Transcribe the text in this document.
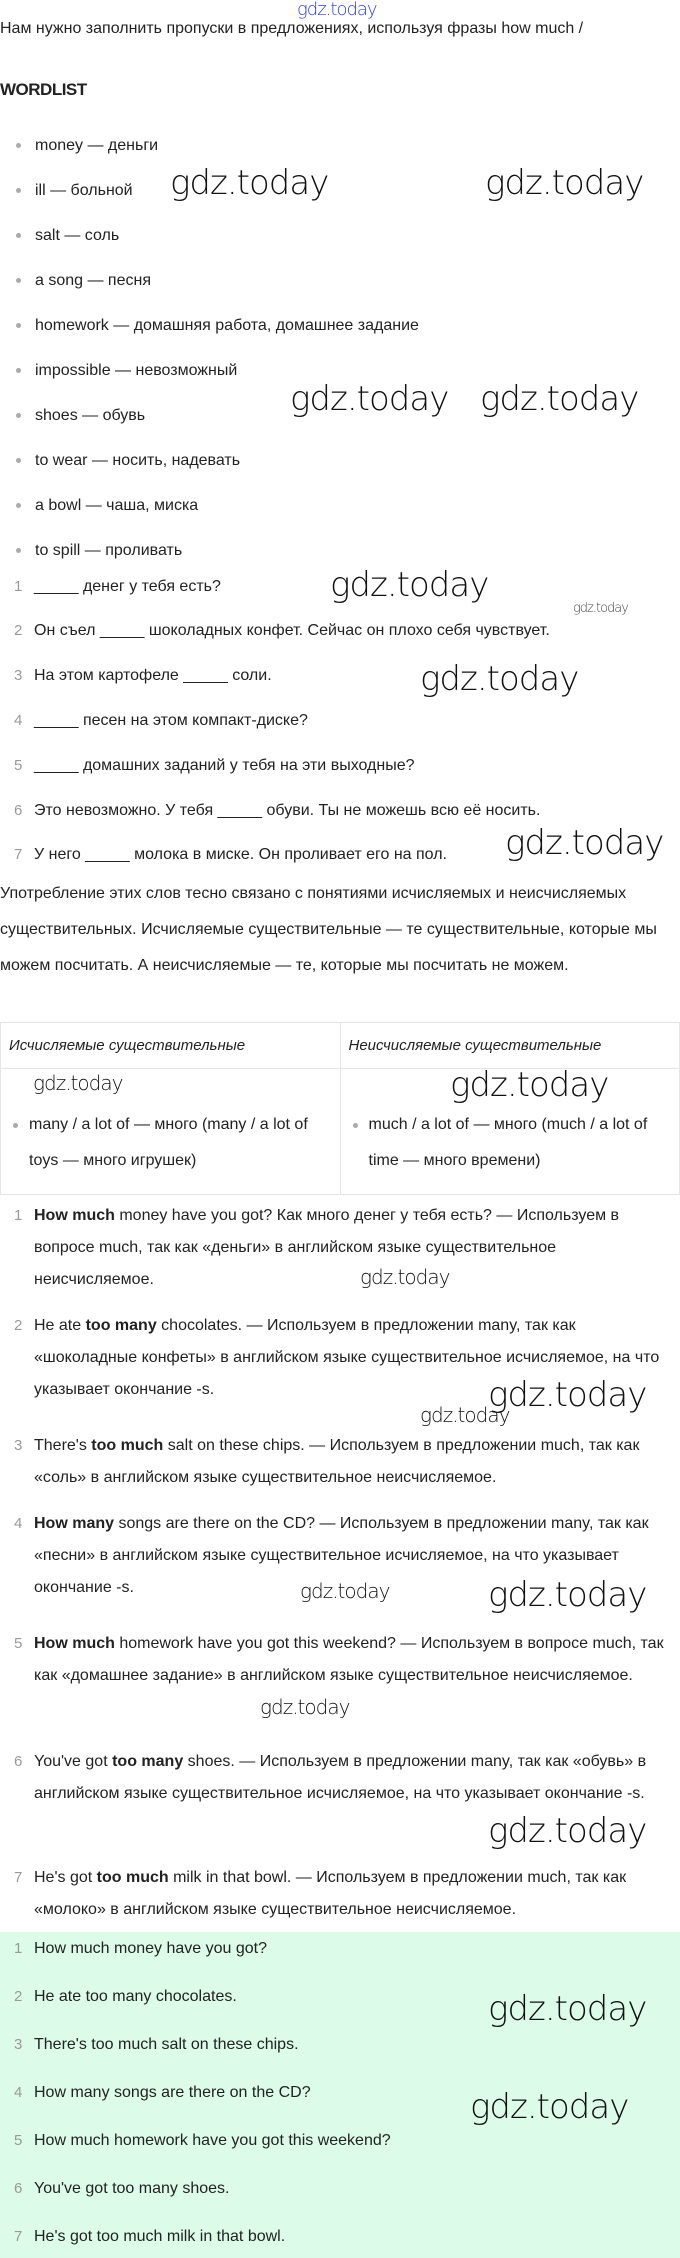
gdz.today
Нам нужно заполнить пропуски в предложениях, используя фразы how much /
WORDLIST
money — деньги
ill — больной
salt — соль
a song — песня
homework — домашняя работа, домашнее задание
impossible — невозможный
shoes — обувь
to wear — носить, надевать
a bowl — чаша, миска
to spill — проливать
1 _____ денег у тебя есть?
2 Он съел _____ шоколадных конфет. Сейчас он плохо себя чувствует.
3 На этом картофеле _____ соли.
4 _____ песен на этом компакт-диске?
5 _____ домашних заданий у тебя на эти выходные?
6 Это невозможно. У тебя _____ обуви. Ты не можешь всю её носить.
7 У него _____ молока в миске. Он проливает его на пол.
Употребление этих слов тесно связано с понятиями исчисляемых и неисчисляемых существительных. Исчисляемые существительные — те существительные, которые мы можем посчитать. А неисчисляемые — те, которые мы посчитать не можем.
Исчисляемые существительные	Неисчисляемые существительные

many / a lot of — много (many / a lot of toys — много игрушек)	much / a lot of — много (much / a lot of time — много времени)
1 How much money have you got? Как много денег у тебя есть? — Используем в вопросе much, так как «деньги» в английском языке существительное неисчисляемое.
2 He ate too many chocolates. — Используем в предложении many, так как «шоколадные конфеты» в английском языке существительное исчисляемое, на что указывает окончание -s.
3 There's too much salt on these chips. — Используем в предложении much, так как «соль» в английском языке существительное неисчисляемое.
4 How many songs are there on the CD? — Используем в предложении many, так как «песни» в английском языке существительное исчисляемое, на что указывает окончание -s.
5 How much homework have you got this weekend? — Используем в вопросе much, так как «домашнее задание» в английском языке существительное неисчисляемое.
6 You've got too many shoes. — Используем в предложении many, так как «обувь» в английском языке существительное исчисляемое, на что указывает окончание -s.
7 He's got too much milk in that bowl. — Используем в предложении much, так как «молоко» в английском языке существительное неисчисляемое.
1 How much money have you got?
2 He ate too many chocolates.
3 There's too much salt on these chips.
4 How many songs are there on the CD?
5 How much homework have you got this weekend?
6 You've got too many shoes.
7 He's got too much milk in that bowl.
gdz.today	gdz.today
gdz.today gdz.today
gdz.today
gdz.today
gdz.today
gdz.today
gdz.today	gdz.today
gdz.today
gdz.today
gdz.today
gdz.today	gdz.today
gdz.today
gdz.today
gdz.today
gdz.today
